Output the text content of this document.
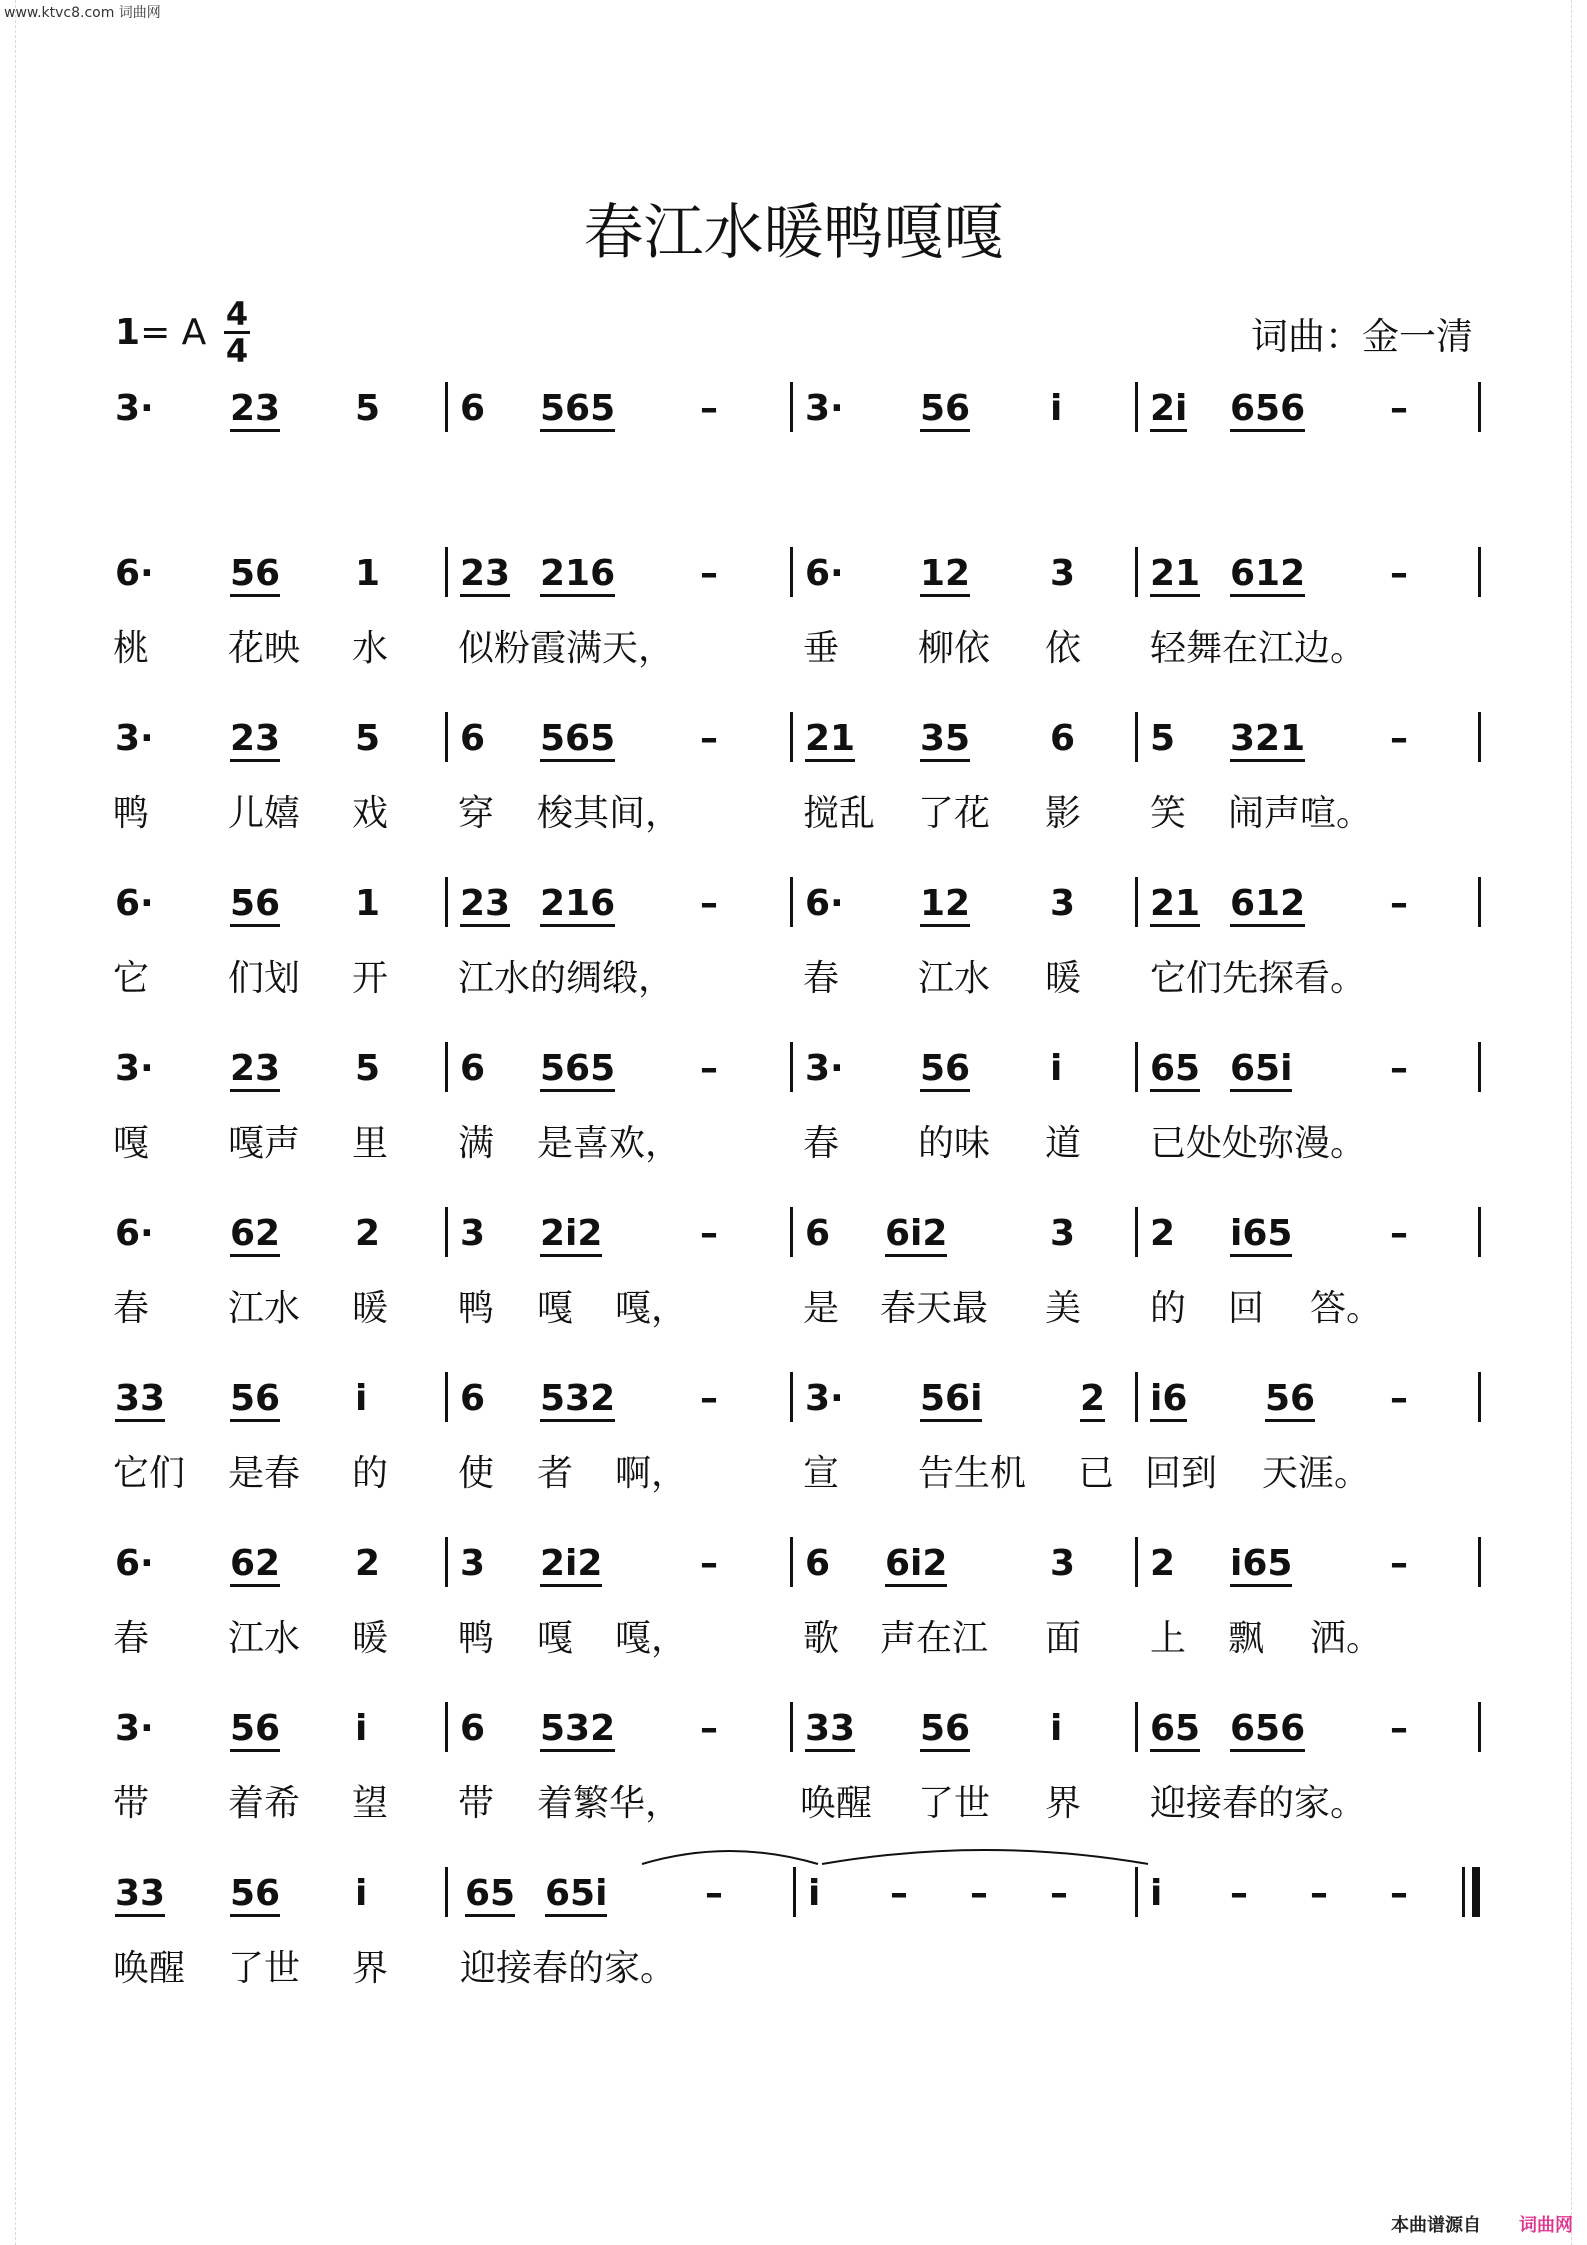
www.ktvc8.com 词曲网
春江水暖鸭嘎嘎
1= A 4
4	词曲：金一清
3· 23 5 6 565 – 3· 56 i 2i 656 –
6· 56 1 23 216 – 6· 12 3 21 612 –
桃 花映 水 似粉霞满天，	垂 柳依 依 轻舞在江边。
3· 23 5 6 565 – 21 35 6 5 321 –
鸭 儿嬉 戏 穿 梭其间，	搅乱 了花 影 笑 闹声喧。
6· 56 1 23 216 – 6· 12 3 21 612 –
它 们划 开 江水的绸缎，	春 江水 暖 它们先探看。
3· 23 5 6 565 – 3· 56 i 65 65i	–
嘎 嘎声 里 满 是喜欢，	春 的味 道 已处处弥漫。
6· 62 2 3 2i2	– 6 6i2	3 2 i65	–
春 江水 暖 鸭 嘎 嘎，	是 春天最 美 的 回 答。
33 56 i	6 532 – 3· 56i	2 i6 56 –
它们 是春 的 使 者 啊，	宣 告生机 已 回到 天涯。
6· 62 2 3 2i2	– 6 6i2	3 2 i65	–
春 江水 暖 鸭 嘎 嘎，	歌 声在江 面 上 飘 洒。
3· 56 i	6 532 – 33 56 i 65 656 –
带 着希 望 带 着繁华，	唤醒 了世 界 迎接春的家。
33 56 i	65 65i	– i – – – i – – –
唤醒 了世 界 迎接春的家。
本曲谱源自 词曲网
